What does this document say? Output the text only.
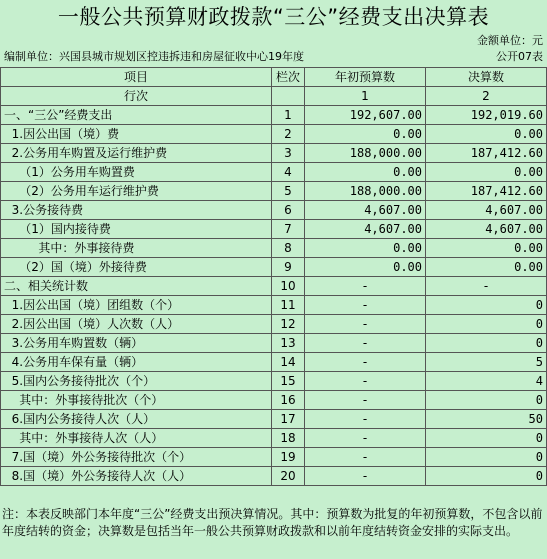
一般公共预算财政拨款“三公”经费支出决算表
金额单位：元
编制单位：兴国县城市规划区控违拆违和房屋征收中心19年度	公开07表
项目	栏次	年初预算数	决算数
行次		1	2
一、“三公”经费支出	1	192,607.00	192,019.60
1.因公出国（境）费	2	0.00	0.00
2.公务用车购置及运行维护费	3	188,000.00	187,412.60
（1）公务用车购置费	4	0.00	0.00
（2）公务用车运行维护费	5	188,000.00	187,412.60
3.公务接待费	6	4,607.00	4,607.00
（1）国内接待费	7	4,607.00	4,607.00
其中：外事接待费	8	0.00	0.00
（2）国（境）外接待费	9	0.00	0.00
二、相关统计数	10	-	-
1.因公出国（境）团组数（个）	11	-	0
2.因公出国（境）人次数（人）	12	-	0
3.公务用车购置数（辆）	13	-	0
4.公务用车保有量（辆）	14	-	5
5.国内公务接待批次（个）	15	-	4
其中：外事接待批次（个）	16	-	0
6.国内公务接待人次（人）	17	-	50
其中：外事接待人次（人）	18	-	0
7.国（境）外公务接待批次（个）	19	-	0
8.国（境）外公务接待人次（人）	20	-	0
注：本表反映部门本年度“三公”经费支出预决算情况。其中：预算数为批复的年初预算数，不包含以前年度结转的资金；决算数是包括当年一般公共预算财政拨款和以前年度结转资金安排的实际支出。
